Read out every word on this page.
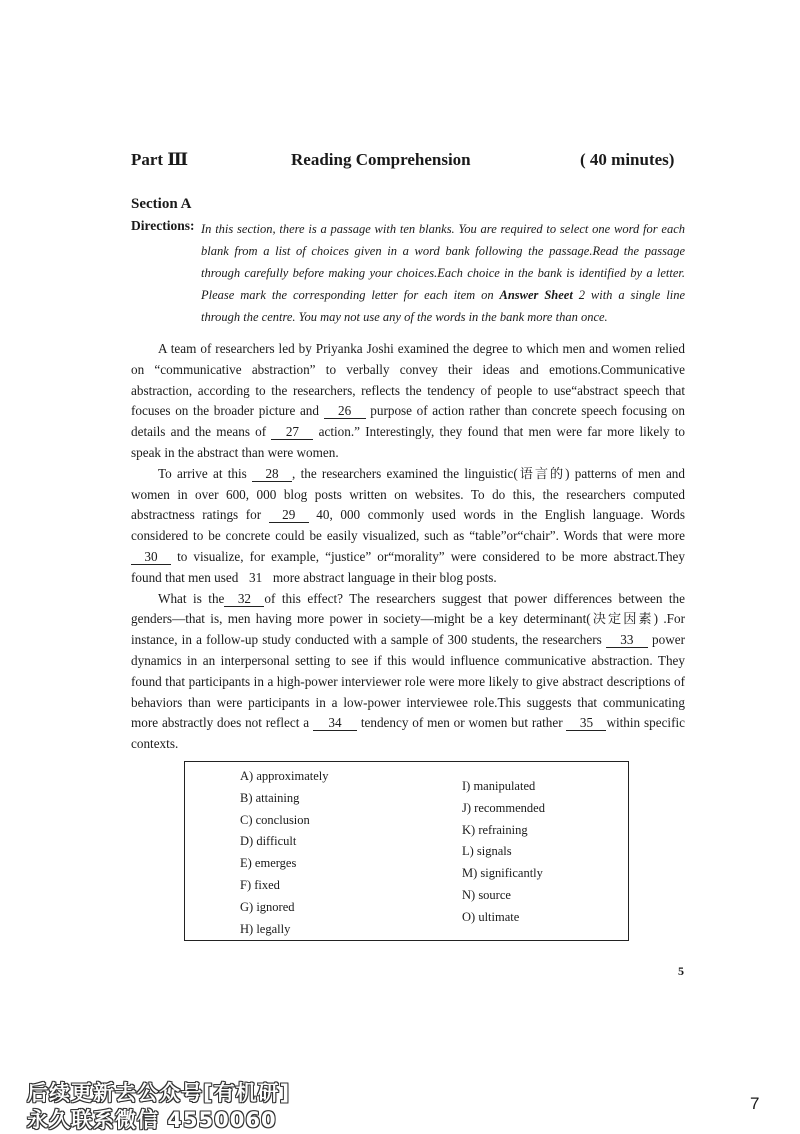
Part Ⅲ	Reading Comprehension	( 40 minutes)
Section A
Directions: In this section, there is a passage with ten blanks. You are required to select one word for each blank from a list of choices given in a word bank following the passage.Read the passage through carefully before making your choices.Each choice in the bank is identified by a letter. Please mark the corresponding letter for each item on Answer Sheet 2 with a single line through the centre. You may not use any of the words in the bank more than once.

A team of researchers led by Priyanka Joshi examined the degree to which men and women relied on “communicative abstraction” to verbally convey their ideas and emotions.Communicative abstraction, according to the researchers, reflects the tendency of people to use“abstract speech that focuses on the broader picture and 26 purpose of action rather than concrete speech focusing on details and the means of 27 action.” Interestingly, they found that men were far more likely to speak in the abstract than were women.

To arrive at this 28 , the researchers examined the linguistic(语言的) patterns of men and women in over 600, 000 blog posts written on websites. To do this, the researchers computed abstractness ratings for 29 40, 000 commonly used words in the English language. Words considered to be concrete could be easily visualized, such as “table”or“chair”. Words that were more 30 to visualize, for example, “justice” or“morality” were considered to be more abstract.They found that men used 31 more abstract language in their blog posts.

What is the 32 of this effect? The researchers suggest that power differences between the genders—that is, men having more power in society—might be a key determinant(决定因素) .For instance, in a follow-up study conducted with a sample of 300 students, the researchers 33 power dynamics in an interpersonal setting to see if this would influence communicative abstraction. They found that participants in a high-power interviewer role were more likely to give abstract descriptions of behaviors than were participants in a low-power interviewee role.This suggests that communicating more abstractly does not reflect a 34 tendency of men or women but rather 35 within specific contexts.

A) approximately
B) attaining
C) conclusion
D) difficult
E) emerges
F) fixed
G) ignored
H) legally
I) manipulated
J) recommended
K) refraining
L) signals
M) significantly
N) source
O) ultimate
5
后续更新去公众号[有机研]
永久联系微信 4550060
7
